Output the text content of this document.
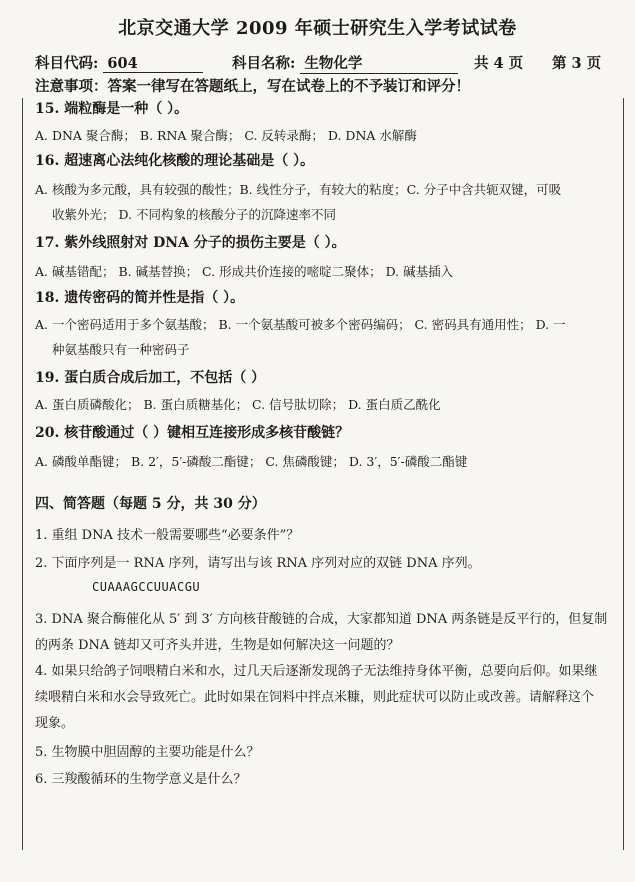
北京交通大学 2009 年硕士研究生入学考试试卷
科目代码: 604	科目名称: 生物化学	共 4 页 第 3 页
注意事项：答案一律写在答题纸上，写在试卷上的不予装订和评分！
15. 端粒酶是一种（ ）。
A. DNA 聚合酶； B. RNA 聚合酶； C. 反转录酶； D. DNA 水解酶
16. 超速离心法纯化核酸的理论基础是（ ）。
A. 核酸为多元酸，具有较强的酸性；B. 线性分子，有较大的粘度；C. 分子中含共轭双键，可吸
收紫外光； D. 不同构象的核酸分子的沉降速率不同
17. 紫外线照射对 DNA 分子的损伤主要是（ ）。
A. 碱基错配； B. 碱基替换； C. 形成共价连接的嘧啶二聚体； D. 碱基插入
18. 遗传密码的简并性是指（ ）。
A. 一个密码适用于多个氨基酸； B. 一个氨基酸可被多个密码编码； C. 密码具有通用性； D. 一
种氨基酸只有一种密码子
19. 蛋白质合成后加工，不包括（ ）
A. 蛋白质磷酸化； B. 蛋白质糖基化； C. 信号肽切除； D. 蛋白质乙酰化
20. 核苷酸通过（ ）键相互连接形成多核苷酸链？
A. 磷酸单酯键； B. 2′，5′-磷酸二酯键； C. 焦磷酸键； D. 3′，5′-磷酸二酯键
四、简答题（每题 5 分，共 30 分）
1. 重组 DNA 技术一般需要哪些“必要条件”？
2. 下面序列是一 RNA 序列，请写出与该 RNA 序列对应的双链 DNA 序列。
CUAAAGCCUUACGU
3. DNA 聚合酶催化从 5′ 到 3′ 方向核苷酸链的合成，大家都知道 DNA 两条链是反平行的，但复制
的两条 DNA 链却又可齐头并进，生物是如何解决这一问题的？
4. 如果只给鸽子饲喂精白米和水，过几天后逐渐发现鸽子无法维持身体平衡，总要向后仰。如果继
续喂精白米和水会导致死亡。此时如果在饲料中拌点米糠，则此症状可以防止或改善。请解释这个
现象。
5. 生物膜中胆固醇的主要功能是什么？
6. 三羧酸循环的生物学意义是什么？
